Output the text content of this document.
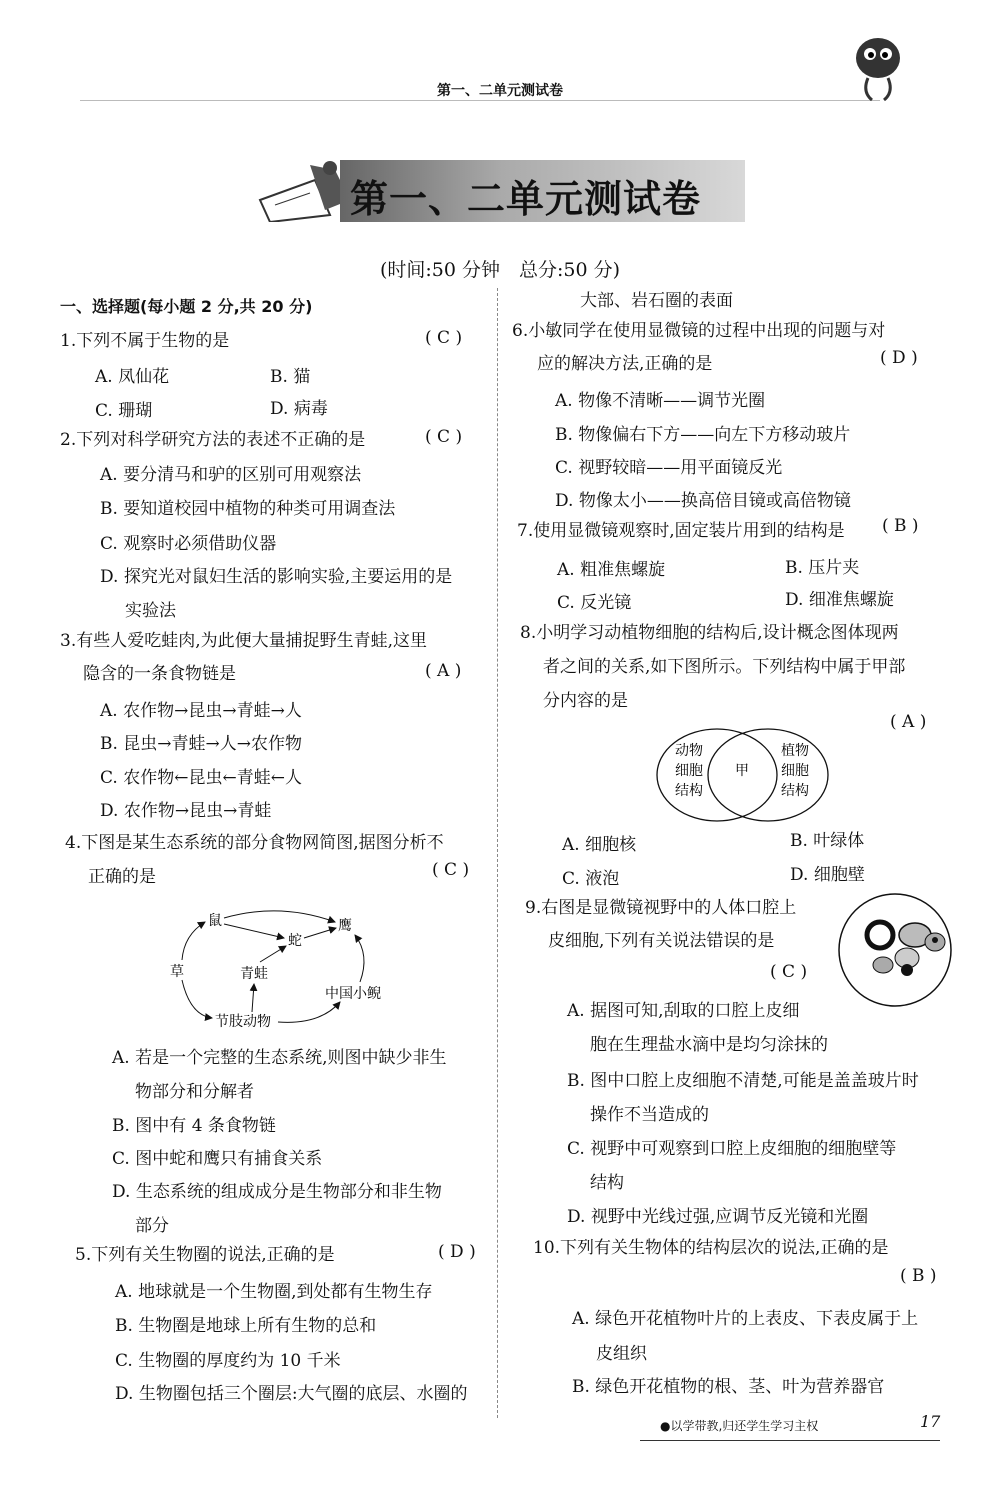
第一、二单元测试卷
第一、二单元测试卷
(时间:50 分钟　总分:50 分)
一、选择题(每小题 2 分,共 20 分)
1.下列不属于生物的是	( C )
A. 凤仙花	B. 猫
C. 珊瑚	D. 病毒
2.下列对科学研究方法的表述不正确的是	( C )
A. 要分清马和驴的区别可用观察法
B. 要知道校园中植物的种类可用调查法
C. 观察时必须借助仪器
D. 探究光对鼠妇生活的影响实验,主要运用的是
实验法
3.有些人爱吃蛙肉,为此便大量捕捉野生青蛙,这里
隐含的一条食物链是	( A )
A. 农作物→昆虫→青蛙→人
B. 昆虫→青蛙→人→农作物
C. 农作物←昆虫←青蛙←人
D. 农作物→昆虫→青蛙
4.下图是某生态系统的部分食物网简图,据图分析不
正确的是	( C )
鼠
蛇
鹰
草	青蛙
中国小鲵
节肢动物
A. 若是一个完整的生态系统,则图中缺少非生
物部分和分解者
B. 图中有 4 条食物链
C. 图中蛇和鹰只有捕食关系
D. 生态系统的组成成分是生物部分和非生物
部分
5.下列有关生物圈的说法,正确的是	( D )
A. 地球就是一个生物圈,到处都有生物生存
B. 生物圈是地球上所有生物的总和
C. 生物圈的厚度约为 10 千米
D. 生物圈包括三个圈层:大气圈的底层、水圈的
大部、岩石圈的表面
6.小敏同学在使用显微镜的过程中出现的问题与对
应的解决方法,正确的是	( D )
A. 物像不清晰——调节光圈
B. 物像偏右下方——向左下方移动玻片
C. 视野较暗——用平面镜反光
D. 物像太小——换高倍目镜或高倍物镜
7.使用显微镜观察时,固定装片用到的结构是 ( B )
A. 粗准焦螺旋	B. 压片夹
C. 反光镜	D. 细准焦螺旋
8.小明学习动植物细胞的结构后,设计概念图体现两
者之间的关系,如下图所示。下列结构中属于甲部
分内容的是
( A )
动物
细胞
结构
甲
植物
细胞
结构
A. 细胞核	B. 叶绿体
C. 液泡	D. 细胞壁
9.右图是显微镜视野中的人体口腔上
皮细胞,下列有关说法错误的是
( C )
A. 据图可知,刮取的口腔上皮细
胞在生理盐水滴中是均匀涂抹的
B. 图中口腔上皮细胞不清楚,可能是盖盖玻片时
操作不当造成的
C. 视野中可观察到口腔上皮细胞的细胞壁等
结构
D. 视野中光线过强,应调节反光镜和光圈
10.下列有关生物体的结构层次的说法,正确的是
( B )
A. 绿色开花植物叶片的上表皮、下表皮属于上
皮组织
B. 绿色开花植物的根、茎、叶为营养器官
●以学带教,归还学生学习主权	17
